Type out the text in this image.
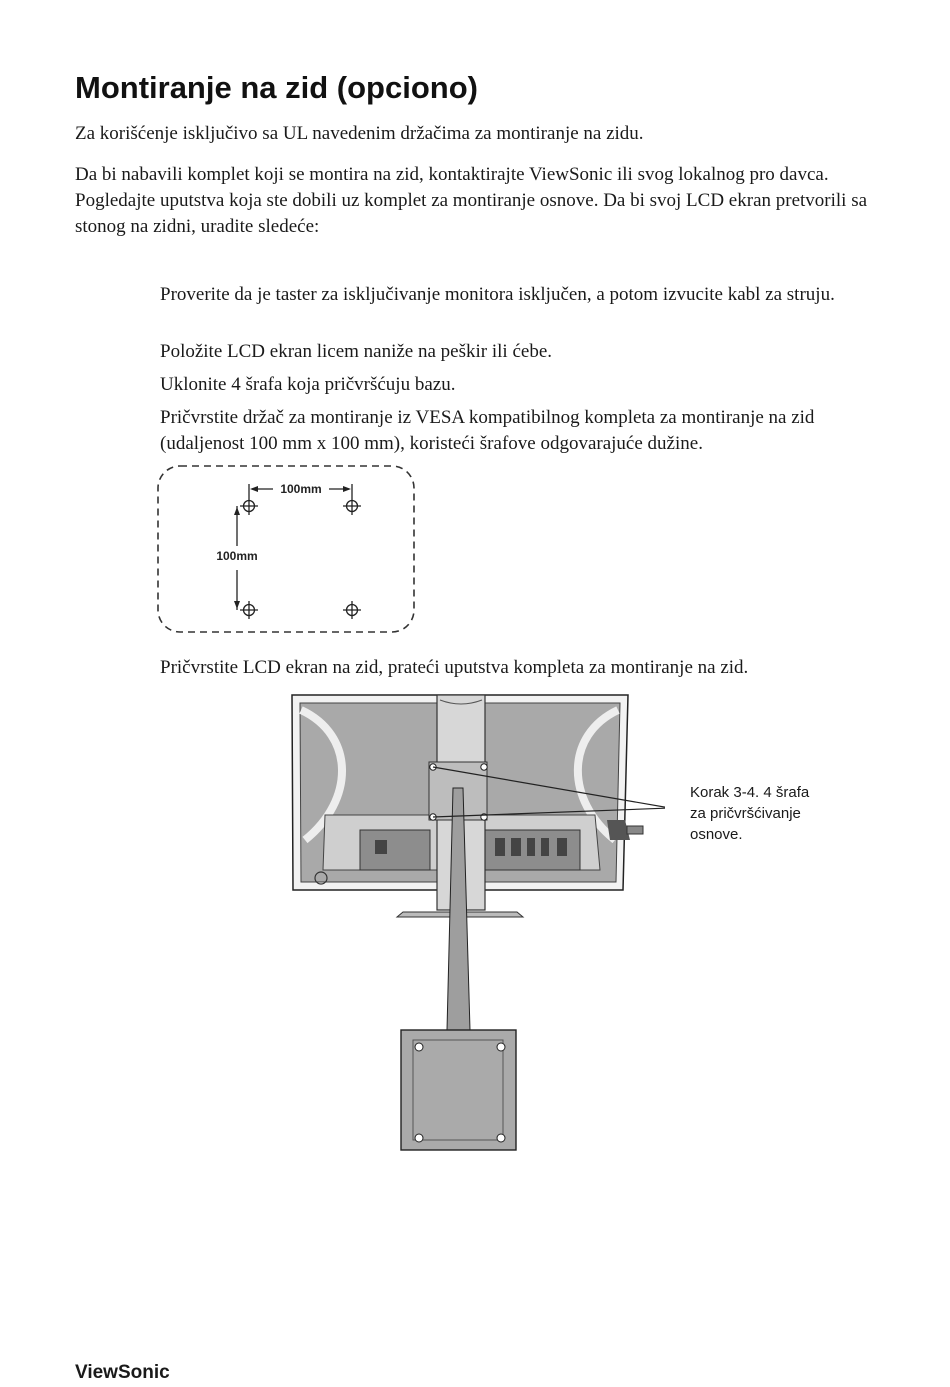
Montiranje na zid (opciono)

Za korišćenje isključivo sa UL navedenim držačima za montiranje na zidu.

Da bi nabavili komplet koji se montira na zid, kontaktirajte ViewSonic ili svog lokalnog pro davca. Pogledajte uputstva koja ste dobili uz komplet za montiranje osnove. Da bi svoj LCD ekran pretvorili sa stonog na zidni, uradite sledeće:

Proverite da je taster za isključivanje monitora isključen, a potom izvucite kabl za struju.

Položite LCD ekran licem naniže na peškir ili ćebe.

Uklonite 4 šrafa koja pričvršćuju bazu.

Pričvrstite držač za montiranje iz VESA kompatibilnog kompleta za montiranje na zid (udaljenost 100 mm x 100 mm), koristeći šrafove odgovarajuće dužine.

100mm
100mm

Pričvrstite LCD ekran na zid, prateći uputstva kompleta za montiranje na zid.

Korak 3-4. 4 šrafa
za pričvršćivanje
osnove.
ViewSonic
